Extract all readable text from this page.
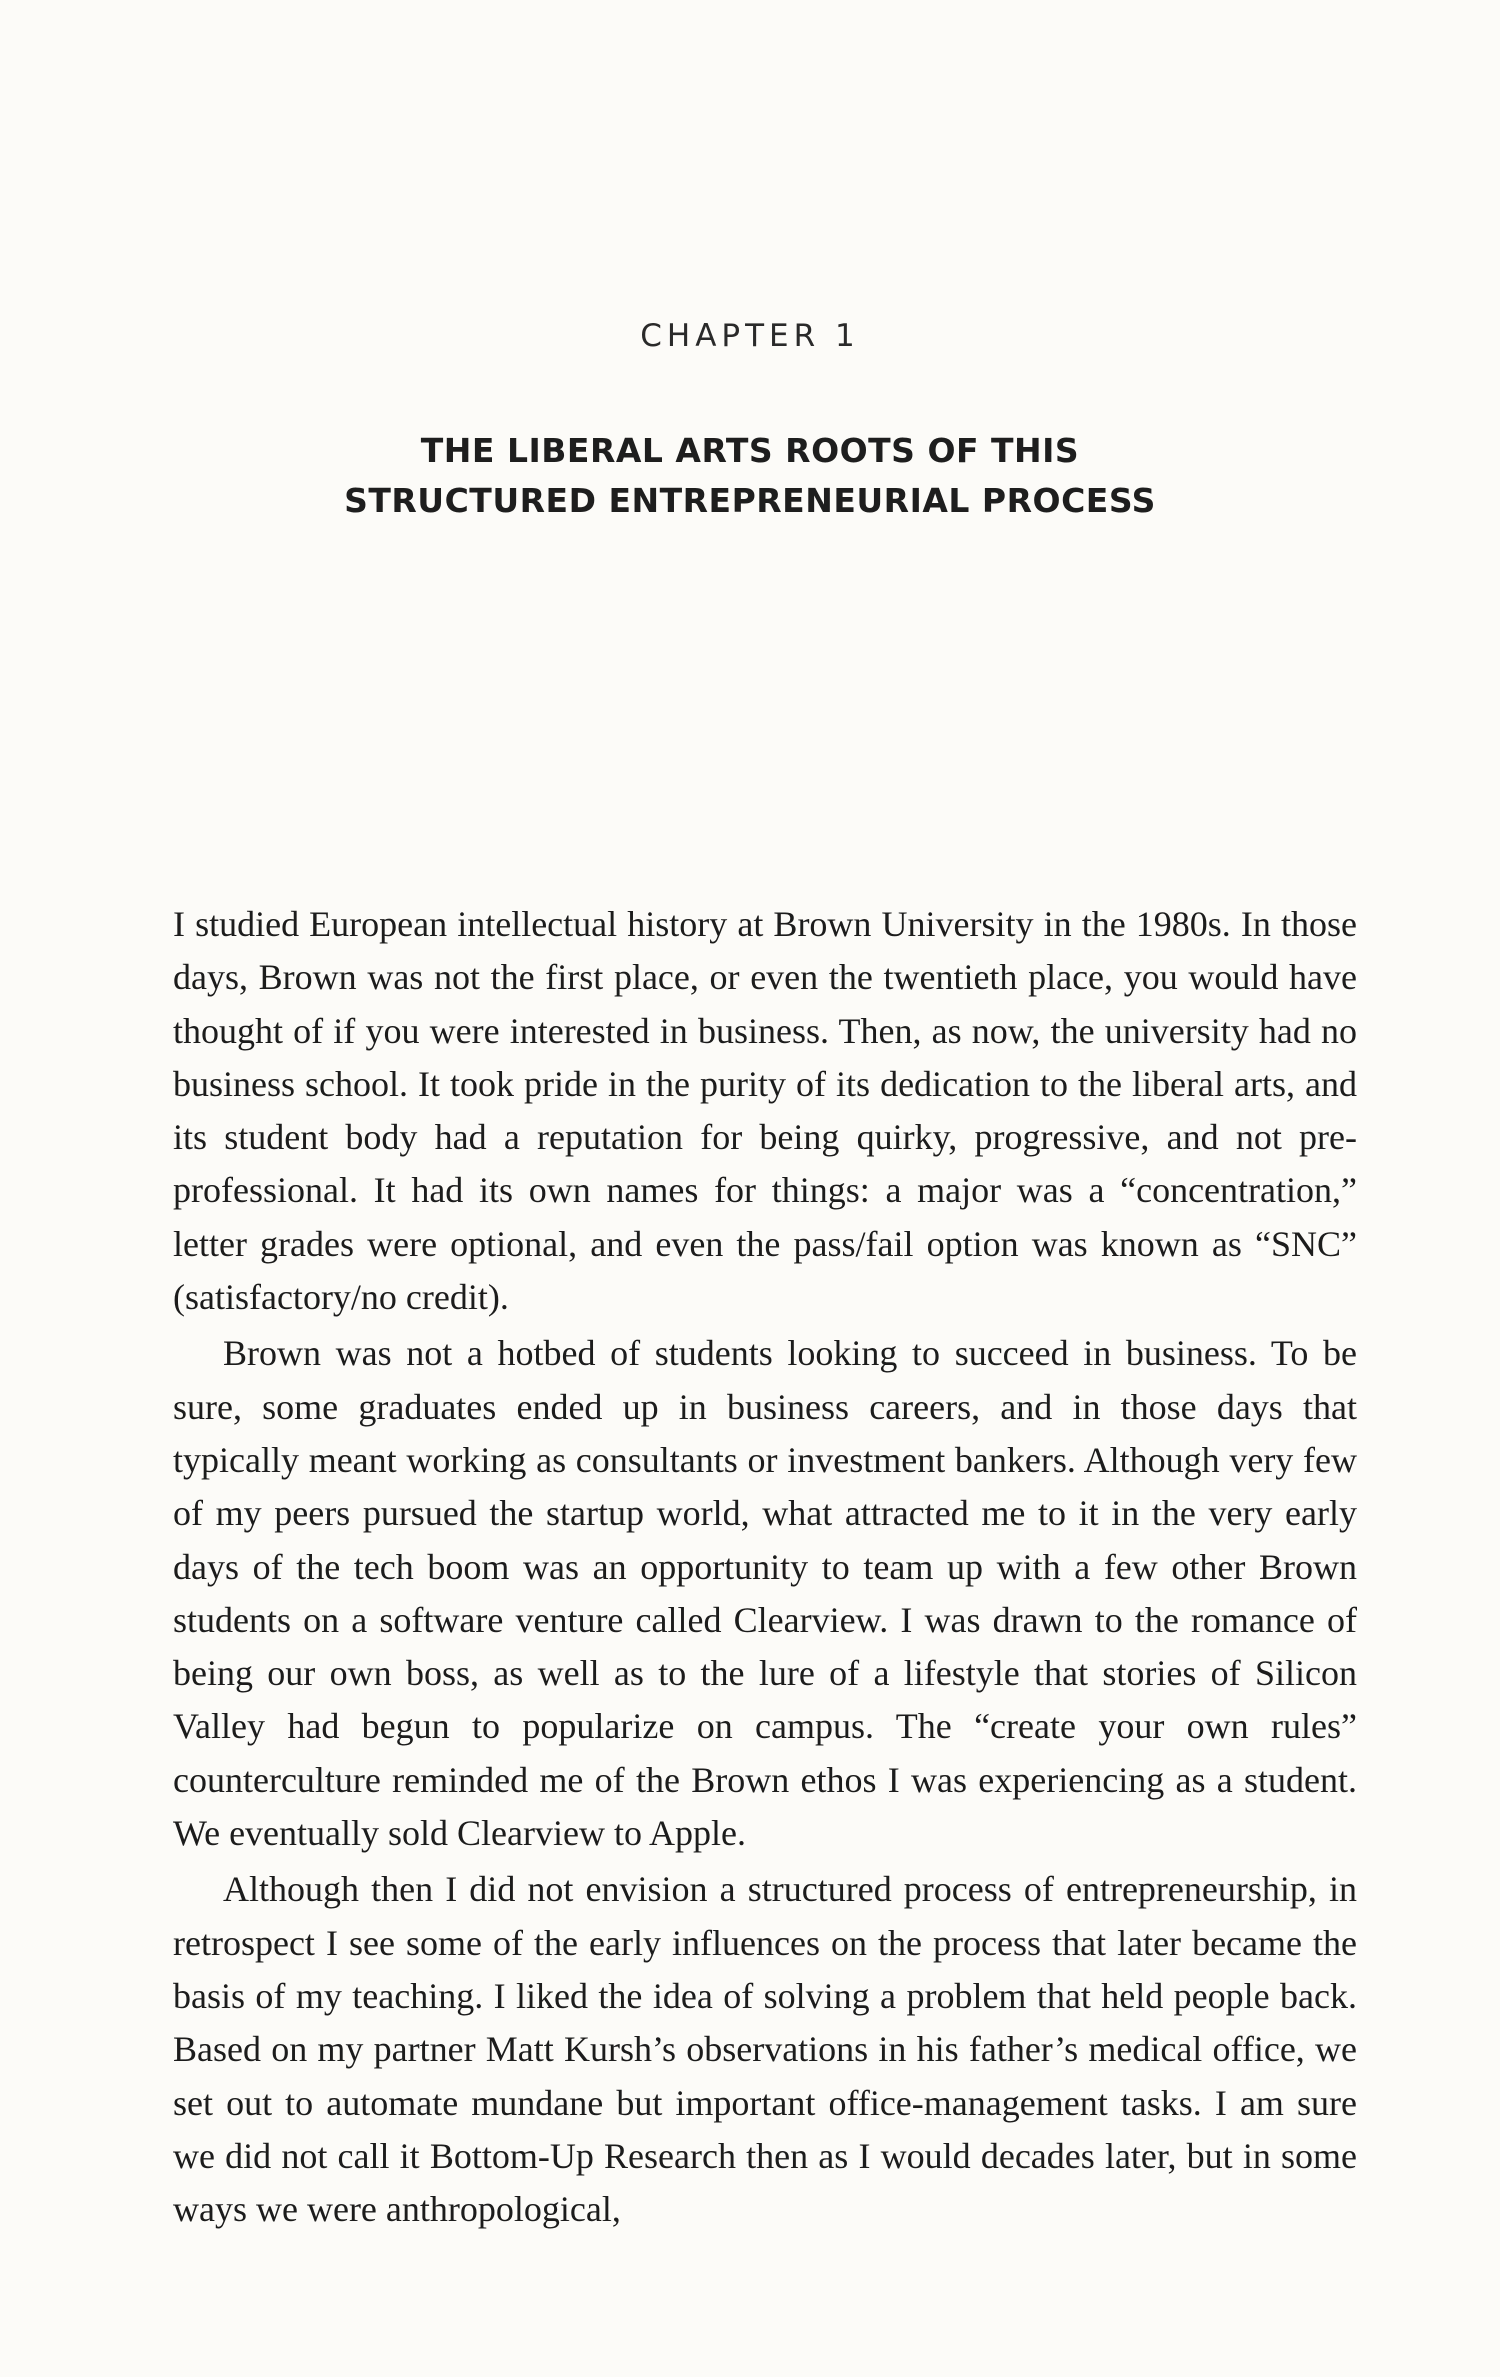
CHAPTER 1
THE LIBERAL ARTS ROOTS OF THIS
STRUCTURED ENTREPRENEURIAL PROCESS

I studied European intellectual history at Brown University in the 1980s. In those days, Brown was not the first place, or even the twentieth place, you would have thought of if you were interested in business. Then, as now, the university had no business school. It took pride in the purity of its dedication to the liberal arts, and its student body had a reputation for being quirky, progressive, and not pre-professional. It had its own names for things: a major was a “concentration,” letter grades were optional, and even the pass/fail option was known as “SNC” (satisfactory/no credit).

Brown was not a hotbed of students looking to succeed in business. To be sure, some graduates ended up in business careers, and in those days that typically meant working as consultants or investment bankers. Although very few of my peers pursued the startup world, what attracted me to it in the very early days of the tech boom was an opportunity to team up with a few other Brown students on a software venture called Clearview. I was drawn to the romance of being our own boss, as well as to the lure of a lifestyle that stories of Silicon Valley had begun to popularize on campus. The “create your own rules” counterculture reminded me of the Brown ethos I was experiencing as a student. We eventually sold Clearview to Apple.

Although then I did not envision a structured process of entrepreneurship, in retrospect I see some of the early influences on the process that later became the basis of my teaching. I liked the idea of solving a problem that held people back. Based on my partner Matt Kursh’s observations in his father’s medical office, we set out to automate mundane but important office-management tasks. I am sure we did not call it Bottom-Up Research then as I would decades later, but in some ways we were anthropological,
